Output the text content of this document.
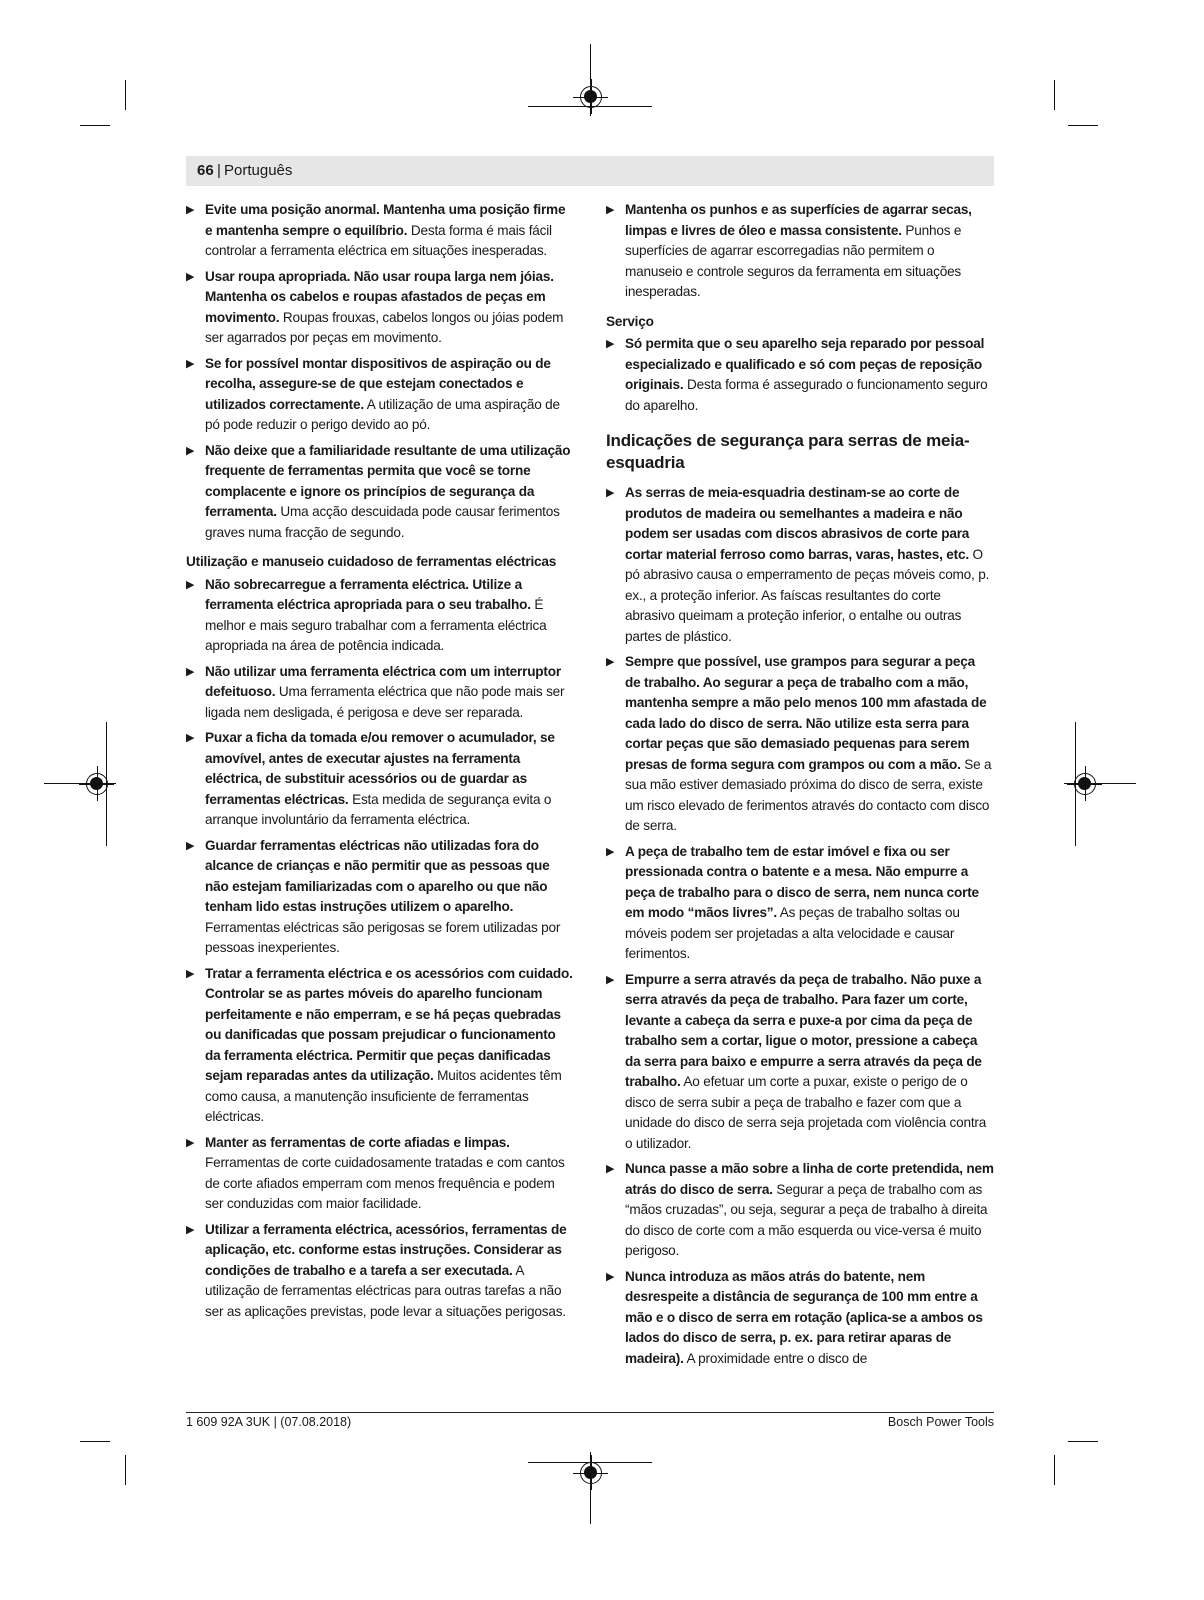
66 | Português
▶ Evite uma posição anormal. Mantenha uma posição firme e mantenha sempre o equilíbrio. Desta forma é mais fácil controlar a ferramenta eléctrica em situações inesperadas.
▶ Usar roupa apropriada. Não usar roupa larga nem jóias. Mantenha os cabelos e roupas afastados de peças em movimento. Roupas frouxas, cabelos longos ou jóias podem ser agarrados por peças em movimento.
▶ Se for possível montar dispositivos de aspiração ou de recolha, assegure-se de que estejam conectados e utilizados correctamente. A utilização de uma aspiração de pó pode reduzir o perigo devido ao pó.
▶ Não deixe que a familiaridade resultante de uma utilização frequente de ferramentas permita que você se torne complacente e ignore os princípios de segurança da ferramenta. Uma acção descuidada pode causar ferimentos graves numa fracção de segundo.
Utilização e manuseio cuidadoso de ferramentas eléctricas
▶ Não sobrecarregue a ferramenta eléctrica. Utilize a ferramenta eléctrica apropriada para o seu trabalho. É melhor e mais seguro trabalhar com a ferramenta eléctrica apropriada na área de potência indicada.
▶ Não utilizar uma ferramenta eléctrica com um interruptor defeituoso. Uma ferramenta eléctrica que não pode mais ser ligada nem desligada, é perigosa e deve ser reparada.
▶ Puxar a ficha da tomada e/ou remover o acumulador, se amovível, antes de executar ajustes na ferramenta eléctrica, de substituir acessórios ou de guardar as ferramentas eléctricas. Esta medida de segurança evita o arranque involuntário da ferramenta eléctrica.
▶ Guardar ferramentas eléctricas não utilizadas fora do alcance de crianças e não permitir que as pessoas que não estejam familiarizadas com o aparelho ou que não tenham lido estas instruções utilizem o aparelho. Ferramentas eléctricas são perigosas se forem utilizadas por pessoas inexperientes.
▶ Tratar a ferramenta eléctrica e os acessórios com cuidado. Controlar se as partes móveis do aparelho funcionam perfeitamente e não emperram, e se há peças quebradas ou danificadas que possam prejudicar o funcionamento da ferramenta eléctrica. Permitir que peças danificadas sejam reparadas antes da utilização. Muitos acidentes têm como causa, a manutenção insuficiente de ferramentas eléctricas.
▶ Manter as ferramentas de corte afiadas e limpas. Ferramentas de corte cuidadosamente tratadas e com cantos de corte afiados emperram com menos frequência e podem ser conduzidas com maior facilidade.
▶ Utilizar a ferramenta eléctrica, acessórios, ferramentas de aplicação, etc. conforme estas instruções. Considerar as condições de trabalho e a tarefa a ser executada. A utilização de ferramentas eléctricas para outras tarefas a não ser as aplicações previstas, pode levar a situações perigosas.
▶ Mantenha os punhos e as superfícies de agarrar secas, limpas e livres de óleo e massa consistente. Punhos e superfícies de agarrar escorregadias não permitem o manuseio e controle seguros da ferramenta em situações inesperadas.
Serviço
▶ Só permita que o seu aparelho seja reparado por pessoal especializado e qualificado e só com peças de reposição originais. Desta forma é assegurado o funcionamento seguro do aparelho.
Indicações de segurança para serras de meia-esquadria
▶ As serras de meia-esquadria destinam-se ao corte de produtos de madeira ou semelhantes a madeira e não podem ser usadas com discos abrasivos de corte para cortar material ferroso como barras, varas, hastes, etc. O pó abrasivo causa o emperramento de peças móveis como, p. ex., a proteção inferior. As faíscas resultantes do corte abrasivo queimam a proteção inferior, o entalhe ou outras partes de plástico.
▶ Sempre que possível, use grampos para segurar a peça de trabalho. Ao segurar a peça de trabalho com a mão, mantenha sempre a mão pelo menos 100 mm afastada de cada lado do disco de serra. Não utilize esta serra para cortar peças que são demasiado pequenas para serem presas de forma segura com grampos ou com a mão. Se a sua mão estiver demasiado próxima do disco de serra, existe um risco elevado de ferimentos através do contacto com disco de serra.
▶ A peça de trabalho tem de estar imóvel e fixa ou ser pressionada contra o batente e a mesa. Não empurre a peça de trabalho para o disco de serra, nem nunca corte em modo “mãos livres”. As peças de trabalho soltas ou móveis podem ser projetadas a alta velocidade e causar ferimentos.
▶ Empurre a serra através da peça de trabalho. Não puxe a serra através da peça de trabalho. Para fazer um corte, levante a cabeça da serra e puxe-a por cima da peça de trabalho sem a cortar, ligue o motor, pressione a cabeça da serra para baixo e empurre a serra através da peça de trabalho. Ao efetuar um corte a puxar, existe o perigo de o disco de serra subir a peça de trabalho e fazer com que a unidade do disco de serra seja projetada com violência contra o utilizador.
▶ Nunca passe a mão sobre a linha de corte pretendida, nem atrás do disco de serra. Segurar a peça de trabalho com as “mãos cruzadas”, ou seja, segurar a peça de trabalho à direita do disco de corte com a mão esquerda ou vice-versa é muito perigoso.
▶ Nunca introduza as mãos atrás do batente, nem desrespeite a distância de segurança de 100 mm entre a mão e o disco de serra em rotação (aplica-se a ambos os lados do disco de serra, p. ex. para retirar aparas de madeira). A proximidade entre o disco de
1 609 92A 3UK | (07.08.2018)	Bosch Power Tools
